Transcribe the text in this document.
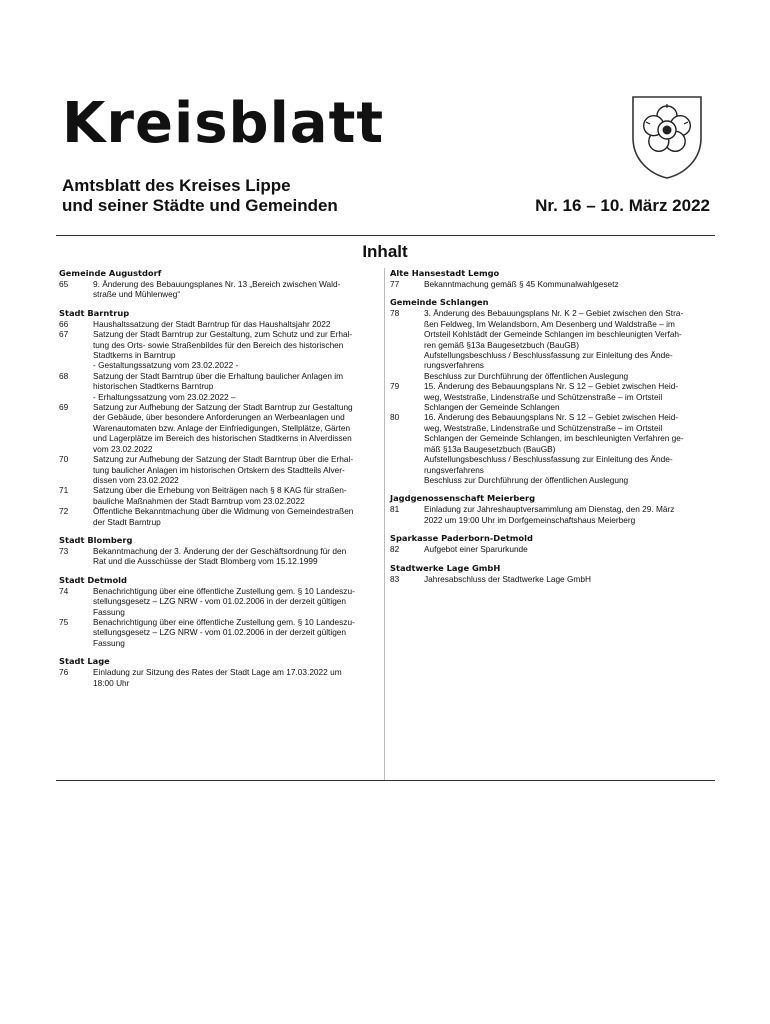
Kreisblatt
Amtsblatt des Kreises Lippe
und seiner Städte und Gemeinden	Nr. 16 – 10. März 2022
Inhalt
Gemeinde Augustdorf
65	9. Änderung des Bebauungsplanes Nr. 13 „Bereich zwischen Wald-
straße und Mühlenweg“
Stadt Barntrup
66	Haushaltssatzung der Stadt Barntrup für das Haushaltsjahr 2022
67	Satzung der Stadt Barntrup zur Gestaltung, zum Schutz und zur Erhal-
tung des Orts- sowie Straßenbildes für den Bereich des historischen
Stadtkerns in Barntrup
- Gestaltungssatzung vom 23.02.2022 -
68	Satzung der Stadt Barntrup über die Erhaltung baulicher Anlagen im
historischen Stadtkerns Barntrup
- Erhaltungssatzung vom 23.02.2022 –
69	Satzung zur Aufhebung der Satzung der Stadt Barntrup zur Gestaltung
der Gebäude, über besondere Anforderungen an Werbeanlagen und
Warenautomaten bzw. Anlage der Einfriedigungen, Stellplätze, Gärten
und Lagerplätze im Bereich des historischen Stadtkerns in Alverdissen
vom 23.02.2022
70	Satzung zur Aufhebung der Satzung der Stadt Barntrup über die Erhal-
tung baulicher Anlagen im historischen Ortskern des Stadtteils Alver-
dissen vom 23.02.2022
71	Satzung über die Erhebung von Beiträgen nach § 8 KAG für straßen-
bauliche Maßnahmen der Stadt Barntrup vom 23.02.2022
72	Öffentliche Bekanntmachung über die Widmung von Gemeindestraßen
der Stadt Barntrup
Stadt Blomberg
73	Bekanntmachung der 3. Änderung der der Geschäftsordnung für den
Rat und die Ausschüsse der Stadt Blomberg vom 15.12.1999
Stadt Detmold
74	Benachrichtigung über eine öffentliche Zustellung gem. § 10 Landeszu-
stellungsgesetz – LZG NRW - vom 01.02.2006 in der derzeit gültigen
Fassung
75	Benachrichtigung über eine öffentliche Zustellung gem. § 10 Landeszu-
stellungsgesetz – LZG NRW - vom 01.02.2006 in der derzeit gültigen
Fassung
Stadt Lage
76	Einladung zur Sitzung des Rates der Stadt Lage am 17.03.2022 um
18:00 Uhr
Alte Hansestadt Lemgo
77	Bekanntmachung gemäß § 45 Kommunalwahlgesetz
Gemeinde Schlangen
78	3. Änderung des Bebauungsplans Nr. K 2 – Gebiet zwischen den Stra-
ßen Feldweg, Im Welandsborn, Am Desenberg und Waldstraße – im
Ortsteil Kohlstädt der Gemeinde Schlangen im beschleunigten Verfah-
ren gemäß §13a Baugesetzbuch (BauGB)
Aufstellungsbeschluss / Beschlussfassung zur Einleitung des Ände-
rungsverfahrens
Beschluss zur Durchführung der öffentlichen Auslegung
79	15. Änderung des Bebauungsplans Nr. S 12 – Gebiet zwischen Heid-
weg, Weststraße, Lindenstraße und Schützenstraße – im Ortsteil
Schlangen der Gemeinde Schlangen
80	16. Änderung des Bebauungsplans Nr. S 12 – Gebiet zwischen Heid-
weg, Weststraße, Lindenstraße und Schützenstraße – im Ortsteil
Schlangen der Gemeinde Schlangen, im beschleunigten Verfahren ge-
mäß §13a Baugesetzbuch (BauGB)
Aufstellungsbeschluss / Beschlussfassung zur Einleitung des Ände-
rungsverfahrens
Beschluss zur Durchführung der öffentlichen Auslegung
Jagdgenossenschaft Meierberg
81	Einladung zur Jahreshauptversammlung am Dienstag, den 29. März
2022 um 19:00 Uhr im Dorfgemeinschaftshaus Meierberg
Sparkasse Paderborn-Detmold
82	Aufgebot einer Sparurkunde
Stadtwerke Lage GmbH
83	Jahresabschluss der Stadtwerke Lage GmbH
